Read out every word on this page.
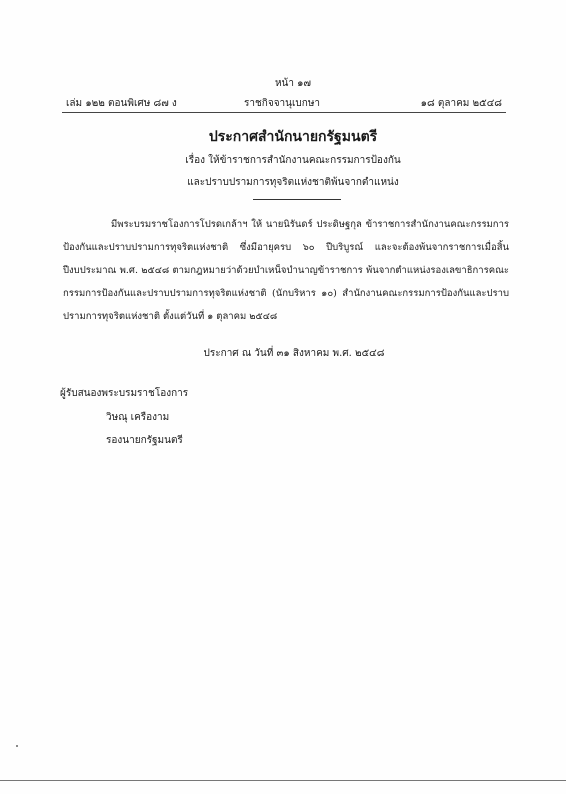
หน้า ๑๗
เล่ม ๑๒๒ ตอนพิเศษ ๘๗ ง	ราชกิจจานุเบกษา	๑๘ ตุลาคม ๒๕๔๘
ประกาศสำนักนายกรัฐมนตรี
เรื่อง ให้ข้าราชการสำนักงานคณะกรรมการป้องกัน
และปราบปรามการทุจริตแห่งชาติพ้นจากตำแหน่ง

มีพระบรมราชโองการโปรดเกล้าฯ ให้ นายนิรันดร์ ประดิษฐกุล ข้าราชการสำนักงานคณะกรรมการป้องกันและปราบปรามการทุจริตแห่งชาติ ซึ่งมีอายุครบ ๖๐ ปีบริบูรณ์ และจะต้องพ้นจากราชการเมื่อสิ้นปีงบประมาณ พ.ศ. ๒๕๔๘ ตามกฎหมายว่าด้วยบำเหน็จบำนาญข้าราชการ พ้นจากตำแหน่งรองเลขาธิการคณะกรรมการป้องกันและปราบปรามการทุจริตแห่งชาติ (นักบริหาร ๑๐) สำนักงานคณะกรรมการป้องกันและปราบปรามการทุจริตแห่งชาติ ตั้งแต่วันที่ ๑ ตุลาคม ๒๕๔๘

ประกาศ ณ วันที่ ๓๑ สิงหาคม พ.ศ. ๒๕๔๘
ผู้รับสนองพระบรมราชโองการ
วิษณุ เครืองาม
รองนายกรัฐมนตรี
